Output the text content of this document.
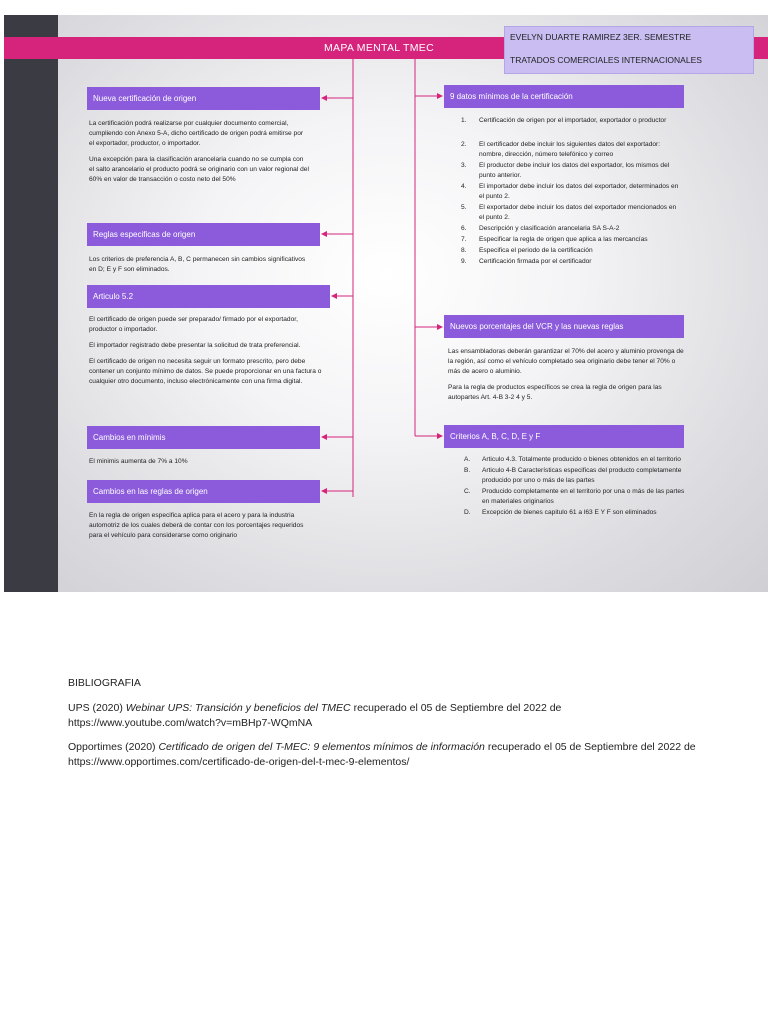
MAPA MENTAL TMEC
EVELYN DUARTE RAMIREZ 3ER. SEMESTRE
TRATADOS COMERCIALES INTERNACIONALES
Nueva certificación de origen

La certificación podrá realizarse por cualquier documento comercial, cumpliendo con Anexo 5-A, dicho certificado de origen podrá emitirse por el exportador, productor, o importador.

Una excepción para la clasificación arancelaria cuando no se cumpla con el salto arancelario el producto podrá se originario con un valor regional del 60% en valor de transacción o costo neto del 50%

Reglas especificas de origen

Los criterios de preferencia A, B, C permanecen sin cambios significativos en D; E y F son eliminados.

Articulo 5.2

El certificado de origen puede ser preparado/ firmado por el exportador, productor o importador.

El importador registrado debe presentar la solicitud de trata preferencial.

El certificado de origen no necesita seguir un formato prescrito, pero debe contener un conjunto mínimo de datos. Se puede proporcionar en una factura o cualquier otro documento, incluso electrónicamente con una firma digital.

Cambios en mínimis

El minimis aumenta de 7% a 10%

Cambios en las reglas de origen

En la regla de origen especifica aplica para el acero y para la industria automotriz de los cuales deberá de contar con los porcentajes requeridos para el vehículo para considerarse como originario

9 datos mínimos de la certificación
1. Certificación de origen por el importador, exportador o productor
2. El certificador debe incluir los siguientes datos del exportador: nombre, dirección, número telefónico y correo
3. El productor debe incluir los datos del exportador, los mismos del punto anterior.
4. El importador debe incluir los datos del exportador, determinados en el punto 2.
5. El exportador debe incluir los datos del exportador mencionados en el punto 2.
6. Descripción y clasificación arancelaria SA S-A-2
7. Especificar la regla de origen que aplica a las mercancías
8. Especifica el periodo de la certificación
9. Certificación firmada por el certificador
Nuevos porcentajes del VCR y las nuevas reglas

Las ensambladoras deberán garantizar el 70% del acero y aluminio provenga de la región, así como el vehículo completado sea originario debe tener el 70% o más de acero o aluminio.

Para la regla de productos específicos se crea la regla de origen para las autopartes Art. 4-B 3-2 4 y 5.

Criterios A, B, C, D, E y F
A. Articulo 4.3. Totalmente producido o bienes obtenidos en el territorio
B. Articulo 4-B Características especificas del producto completamente producido por uno o más de las partes
C. Producido completamente en el territorio por una o más de las partes en materiales originarios
D. Excepción de bienes capitulo 61 a l63 E Y F son eliminados
BIBLIOGRAFIA
UPS (2020) Webinar UPS: Transición y beneficios del TMEC recuperado el 05 de Septiembre del 2022 de https://www.youtube.com/watch?v=mBHp7-WQmNA
Opportimes (2020) Certificado de origen del T-MEC: 9 elementos mínimos de información recuperado el 05 de Septiembre del 2022 de https://www.opportimes.com/certificado-de-origen-del-t-mec-9-elementos/
